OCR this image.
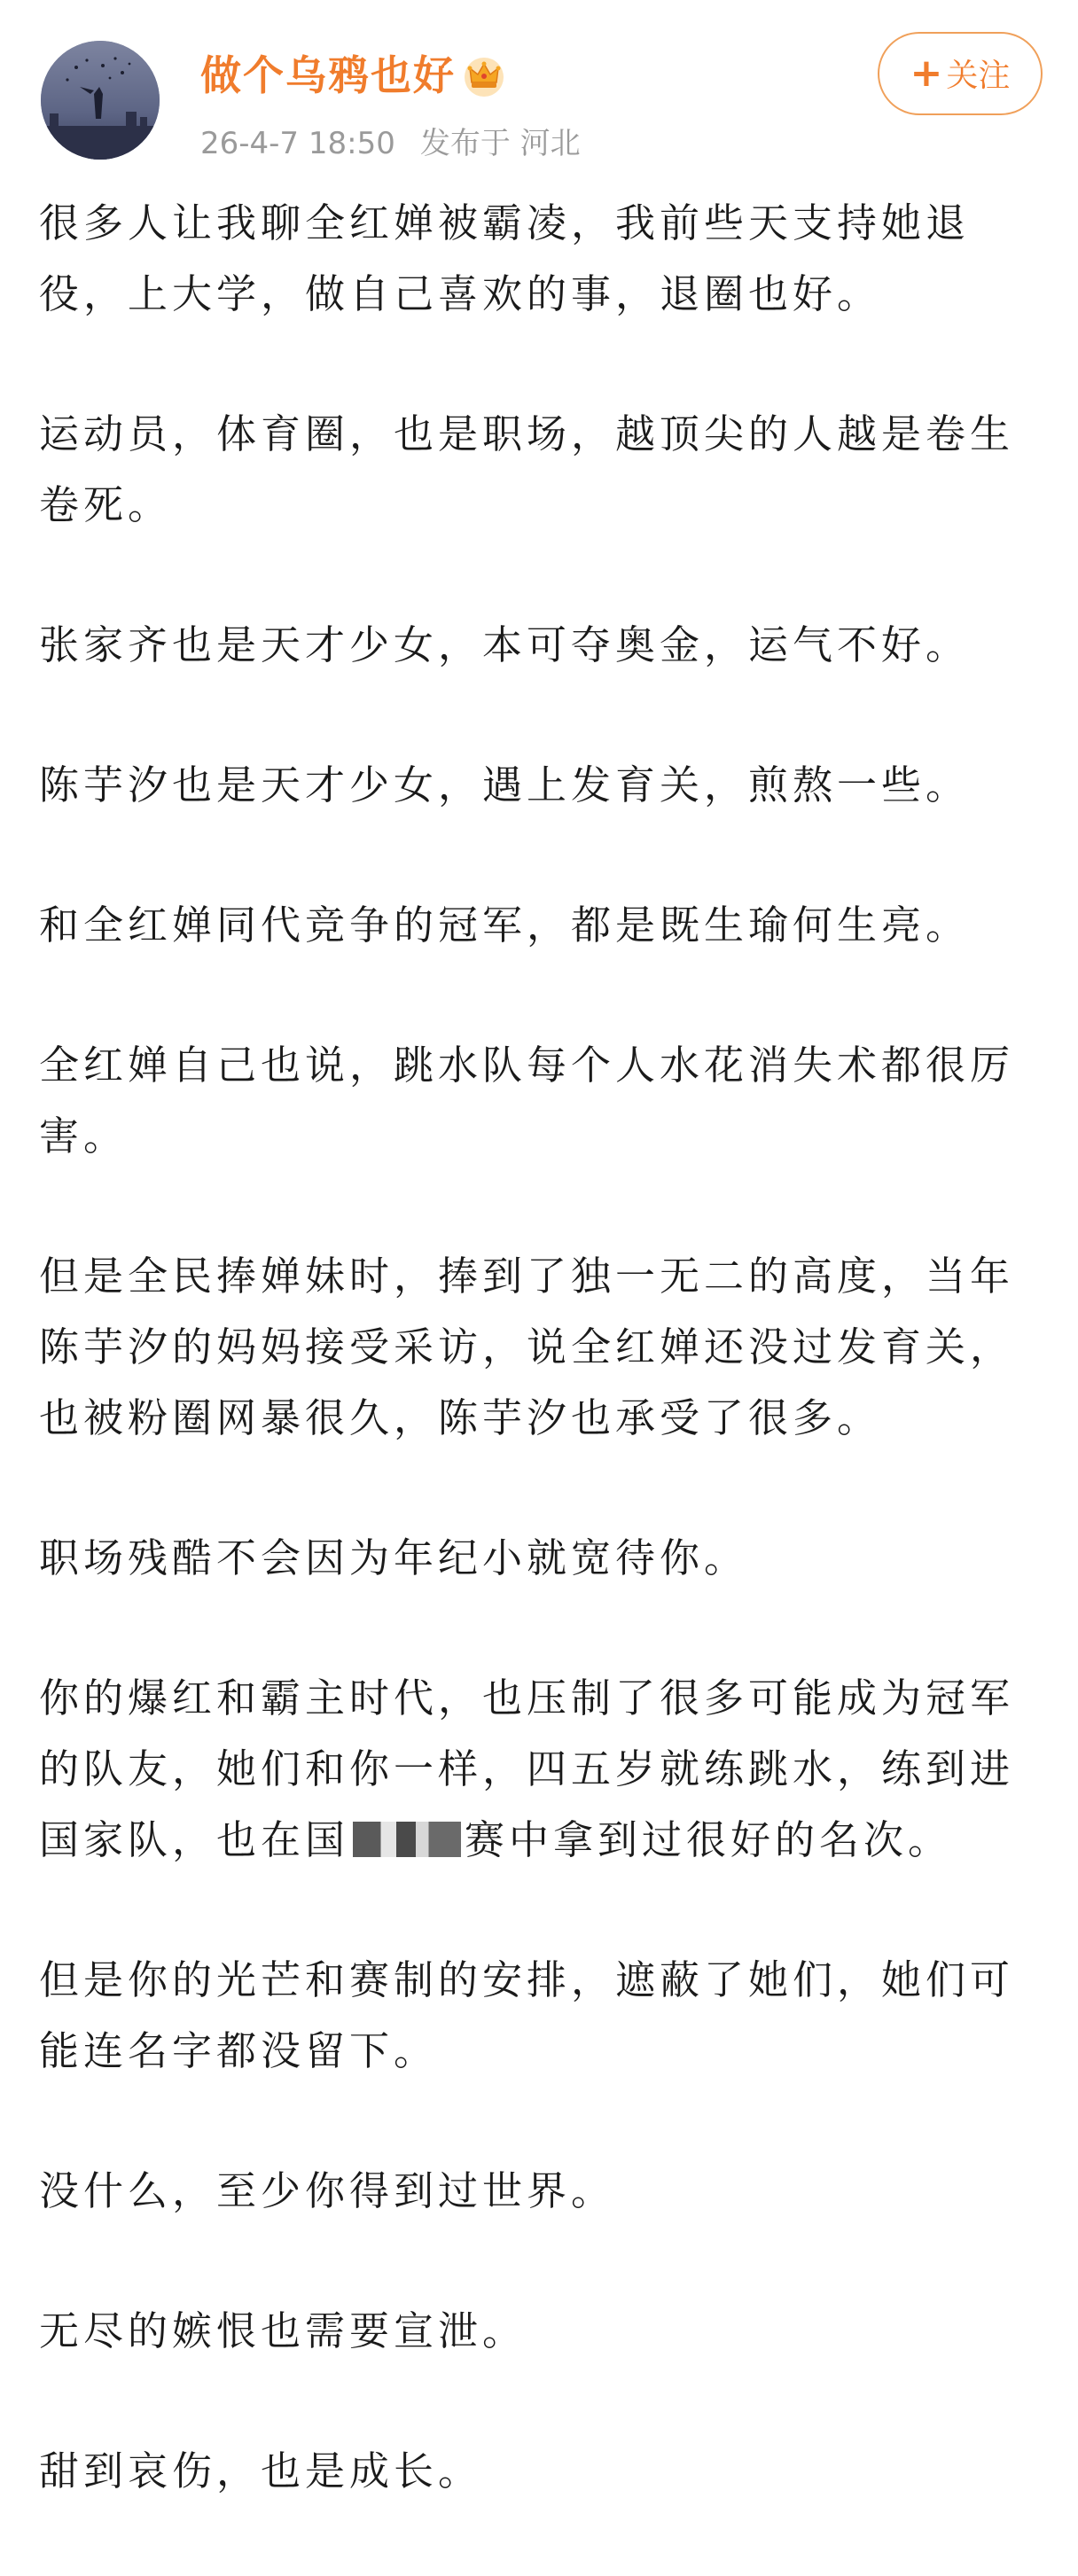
做个乌鸦也好
26-4-7 18:50 发布于 河北
+ 关注

很多人让我聊全红婵被霸凌，我前些天支持她退役，上大学，做自己喜欢的事，退圈也好。

运动员，体育圈，也是职场，越顶尖的人越是卷生卷死。

张家齐也是天才少女，本可夺奥金，运气不好。

陈芋汐也是天才少女，遇上发育关，煎熬一些。

和全红婵同代竞争的冠军，都是既生瑜何生亮。

全红婵自己也说，跳水队每个人水花消失术都很厉害。

但是全民捧婵妹时，捧到了独一无二的高度，当年陈芋汐的妈妈接受采访，说全红婵还没过发育关，也被粉圈网暴很久，陈芋汐也承受了很多。

职场残酷不会因为年纪小就宽待你。

你的爆红和霸主时代，也压制了很多可能成为冠军的队友，她们和你一样，四五岁就练跳水，练到进国家队，也在国	赛中拿到过很好的名次。

但是你的光芒和赛制的安排，遮蔽了她们，她们可能连名字都没留下。

没什么，至少你得到过世界。

无尽的嫉恨也需要宣泄。

甜到哀伤，也是成长。
